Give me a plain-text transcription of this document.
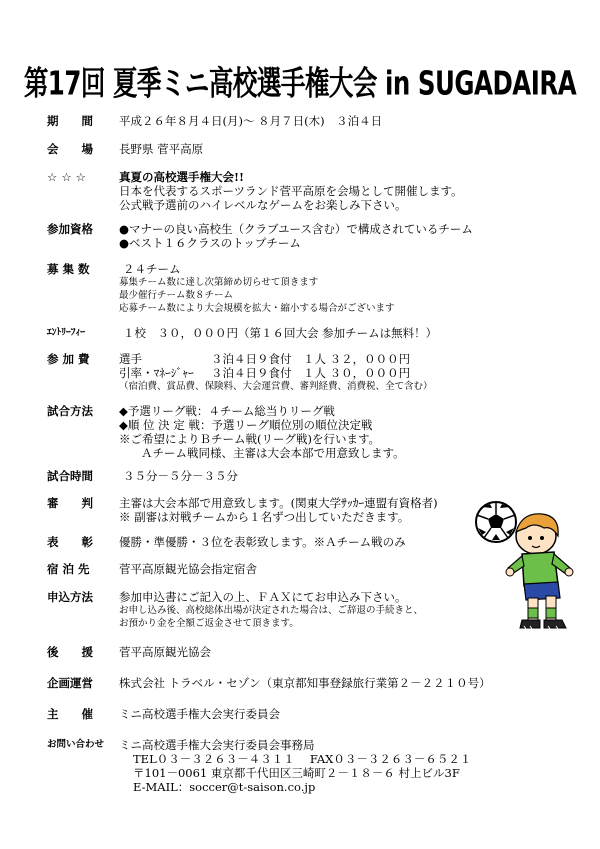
第17回 夏季ミニ高校選手権大会 in SUGADAIRA
期　　間 平成２６年８月４日(月)～ ８月７日(木)　３泊４日
会　　場 長野県 菅平高原
☆ ☆ ☆	真夏の高校選手権大会!!
日本を代表するスポーツランド菅平高原を会場として開催します。
公式戦予選前のハイレベルなゲームをお楽しみ下さい。
参加資格 ●マナーの良い高校生（クラブユース含む）で構成されているチーム
●ベスト１６クラスのトップチーム
募 集 数	２４チーム
募集チーム数に達し次第締め切らせて頂きます
最少催行チーム数８チーム
応募チーム数により大会規模を拡大・縮小する場合がございます
ｴﾝﾄﾘｰﾌｨｰ	１校　３０，０００円（第１６回大会 参加チームは無料！）
参 加 費	選手	３泊４日９食付　１人 ３２，０００円
引率・ﾏﾈｰｼﾞｬｰ ３泊４日９食付　１人 ３０，０００円
（宿泊費、賞品費、保険料、大会運営費、審判経費、消費税、全て含む）
試合方法 ◆予選リーグ戦：４チーム総当りリーグ戦
◆順 位 決 定 戦：予選リーグ順位別の順位決定戦
※ご希望によりＢチーム戦(リーグ戦)を行います。
Ａチーム戦同様、主審は大会本部で用意致します。
試合時間	３５分－５分－３５分
審　　判 主審は大会本部で用意致します。(関東大学ｻｯｶｰ連盟有資格者)
※ 副審は対戦チームから１名ずつ出していただきます。
表　　彰 優勝・準優勝・３位を表彰致します。※Ａチーム戦のみ
宿 泊 先	菅平高原観光協会指定宿舎
申込方法 参加申込書にご記入の上、ＦＡＸにてお申込み下さい。
お申し込み後、高校総体出場が決定された場合は、ご辞退の手続きと、
お預かり金を全額ご返金させて頂きます。
後　　援 菅平高原観光協会
企画運営 株式会社 トラベル・セゾン（東京都知事登録旅行業第２－２２１０号）
主　　催 ミニ高校選手権大会実行委員会
お問い合わせ ミニ高校選手権大会実行委員会事務局
TEL０３－３２６３－４３１１　 FAX０３－３２６３－６５２１
〒101－0061 東京都千代田区三崎町２－１８－６ 村上ビル3F
E-MAIL：soccer@t-saison.co.jp
